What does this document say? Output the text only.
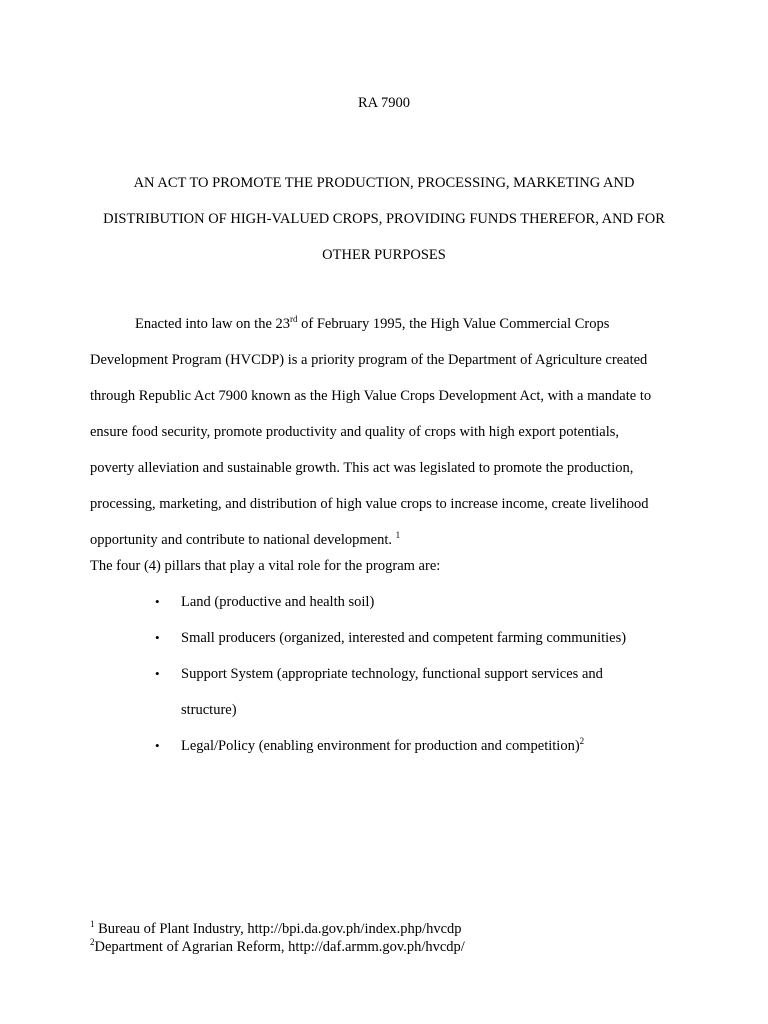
RA 7900
AN ACT TO PROMOTE THE PRODUCTION, PROCESSING, MARKETING AND
DISTRIBUTION OF HIGH-VALUED CROPS, PROVIDING FUNDS THEREFOR, AND FOR
OTHER PURPOSES

Enacted into law on the 23rd of February 1995, the High Value Commercial Crops
Development Program (HVCDP) is a priority program of the Department of Agriculture created
through Republic Act 7900 known as the High Value Crops Development Act, with a mandate to
ensure food security, promote productivity and quality of crops with high export potentials,
poverty alleviation and sustainable growth. This act was legislated to promote the production,
processing, marketing, and distribution of high value crops to increase income, create livelihood
opportunity and contribute to national development. $^1$

The four (4) pillars that play a vital role for the program are:

• Land (productive and health soil)
• Small producers (organized, interested and competent farming communities)
• Support System (appropriate technology, functional support services and
structure)
• Legal/Policy (enabling environment for production and competition)$^2$
$^1$ Bureau of Plant Industry, http://bpi.da.gov.ph/index.php/hvcdp
$^2$Department of Agrarian Reform, http://daf.armm.gov.ph/hvcdp/
